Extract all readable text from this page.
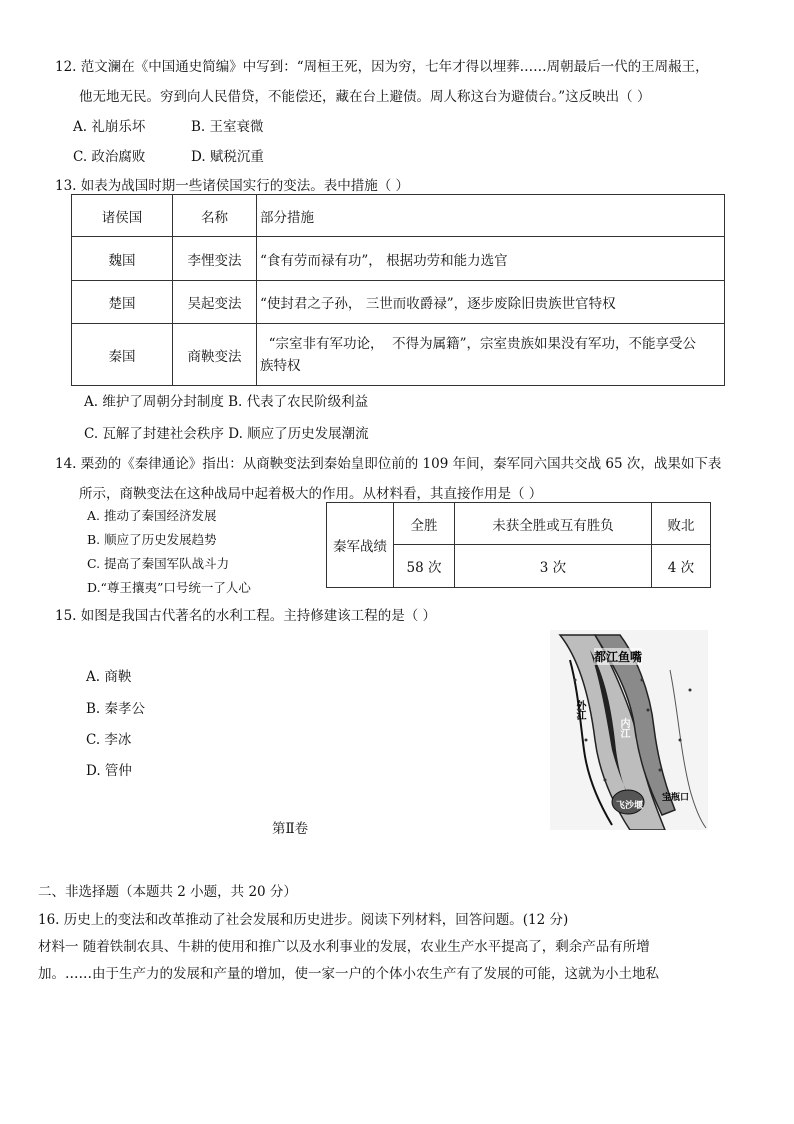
12. 范文澜在《中国通史简编》中写到：“周桓王死，因为穷，七年才得以埋葬……周朝最后一代的王周赧王，
他无地无民。穷到向人民借贷，不能偿还，藏在台上避债。周人称这台为避债台。”这反映出（ ）
A. 礼崩乐坏	B. 王室衰微
C. 政治腐败	D. 赋税沉重
13. 如表为战国时期一些诸侯国实行的变法。表中措施（ ）
诸侯国	名称	部分措施
魏国	李悝变法	“食有劳而禄有功”， 根据功劳和能力选官
楚国	吴起变法	“使封君之子孙， 三世而收爵禄”，逐步废除旧贵族世官特权
秦国	商鞅变法	“宗室非有军功论，  不得为属籍”，宗室贵族如果没有军功，不能享受公
族特权
A. 维护了周朝分封制度 B. 代表了农民阶级利益
C. 瓦解了封建社会秩序 D. 顺应了历史发展潮流
14. 栗劲的《秦律通论》指出：从商鞅变法到秦始皇即位前的 109 年间，秦军同六国共交战 65 次，战果如下表
所示，商鞅变法在这种战局中起着极大的作用。从材料看，其直接作用是（ ）
A. 推动了秦国经济发展
B. 顺应了历史发展趋势
C. 提高了秦国军队战斗力
D.“尊王攘夷”口号统一了人心
秦军战绩	全胜	未获全胜或互有胜负	败北
	58 次	3 次	4 次
15. 如图是我国古代著名的水利工程。主持修建该工程的是（ ）
A. 商鞅
B. 秦孝公
C. 李冰
D. 管仲
都江鱼嘴
外江
内江
宝瓶口
飞沙堰
第Ⅱ卷
二、非选择题（本题共 2 小题，共 20 分）
16. 历史上的变法和改革推动了社会发展和历史进步。阅读下列材料，回答问题。(12 分)
材料一 随着铁制农具、牛耕的使用和推广以及水利事业的发展，农业生产水平提高了，剩余产品有所增
加。……由于生产力的发展和产量的增加，使一家一户的个体小农生产有了发展的可能，这就为小土地私
